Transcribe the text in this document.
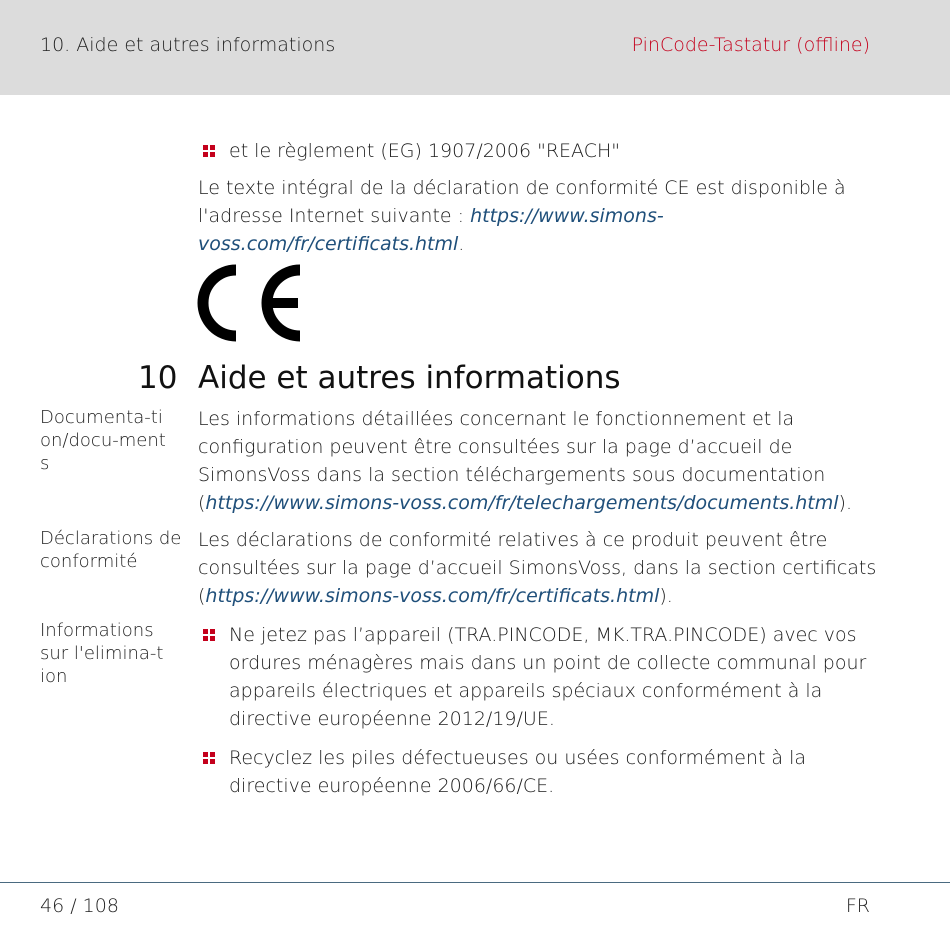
10. Aide et autres informations	PinCode-Tastatur (offline)
et le règlement (EG) 1907/2006 "REACH"
Le texte intégral de la déclaration de conformité CE est disponible à l'adresse Internet suivante : https://www.simons-voss.com/fr/certificats.html.
10 Aide et autres informations
Documenta-tion/docu-ments
Les informations détaillées concernant le fonctionnement et la configuration peuvent être consultées sur la page d’accueil de SimonsVoss dans la section téléchargements sous documentation (https://www.simons-voss.com/fr/telechargements/documents.html).
Déclarations de conformité
Les déclarations de conformité relatives à ce produit peuvent être consultées sur la page d’accueil SimonsVoss, dans la section certificats (https://www.simons-voss.com/fr/certificats.html).
Informations sur l'elimina-tion
Ne jetez pas l’appareil (TRA.PINCODE, MK.TRA.PINCODE) avec vos ordures ménagères mais dans un point de collecte communal pour appareils électriques et appareils spéciaux conformément à la directive européenne 2012/19/UE.
Recyclez les piles défectueuses ou usées conformément à la directive européenne 2006/66/CE.
46 / 108	FR
